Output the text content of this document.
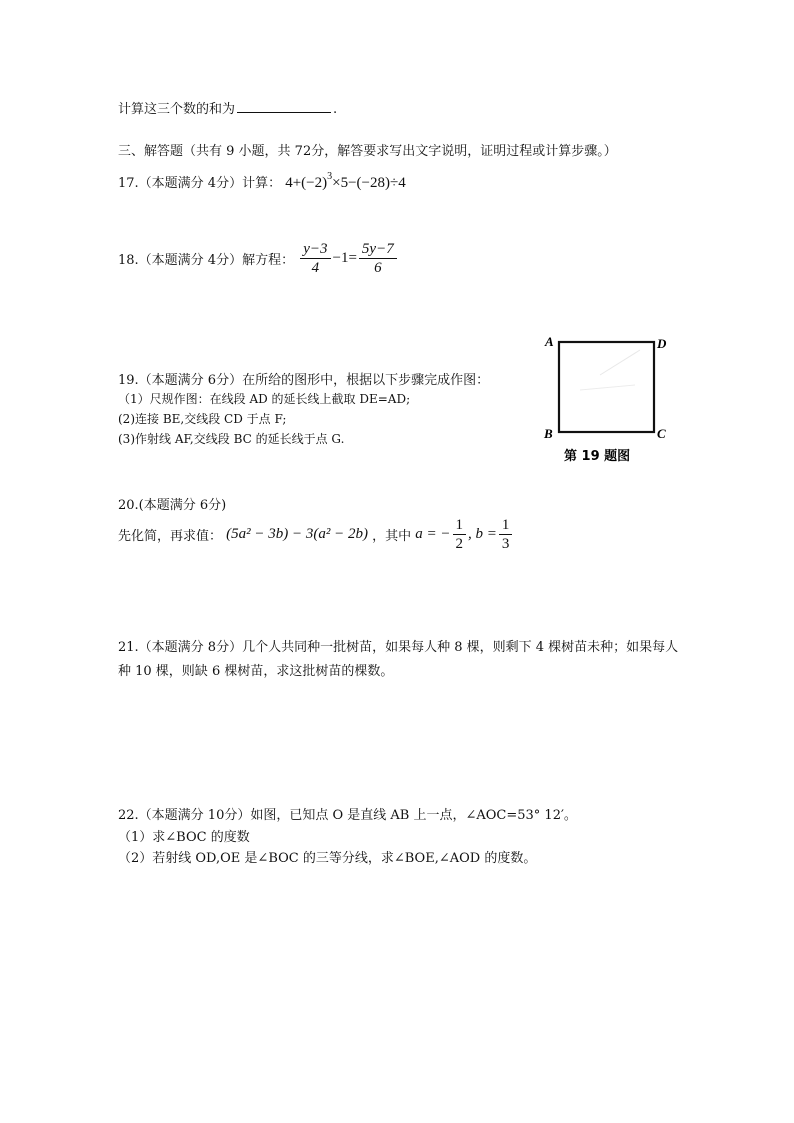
计算这三个数的和为	.
三、解答题（共有 9 小题，共 72分，解答要求写出文字说明，证明过程或计算步骤。）
17.（本题满分 4分）计算： $4+(-2)^3\times 5-(-28)\div 4$
18.（本题满分 4分）解方程： $\frac{y-3}{4} -1= \frac{5y-7}{6}$
19.（本题满分 6分）在所给的图形中，根据以下步骤完成作图：
（1）尺规作图：在线段 AD 的延长线上截取 DE=AD;
(2)连接 BE,交线段 CD 于点 F;
(3)作射线 AF,交线段 BC 的延长线于点 G.
A	D
B	C
第 19 题图
20.(本题满分 6分)
先化简，再求值： (5a² − 3b) − 3(a² − 2b) ，其中 a = − $\frac{1}{2}$ , $b = \frac{1}{3}$
21.（本题满分 8分）几个人共同种一批树苗，如果每人种 8 棵，则剩下 4 棵树苗未种；如果每人种 10 棵，则缺 6 棵树苗，求这批树苗的棵数。
22.（本题满分 10分）如图，已知点 O 是直线 AB 上一点，∠AOC=53° 12′。
（1）求∠BOC 的度数
（2）若射线 OD,OE 是∠BOC 的三等分线，求∠BOE,∠AOD 的度数。
